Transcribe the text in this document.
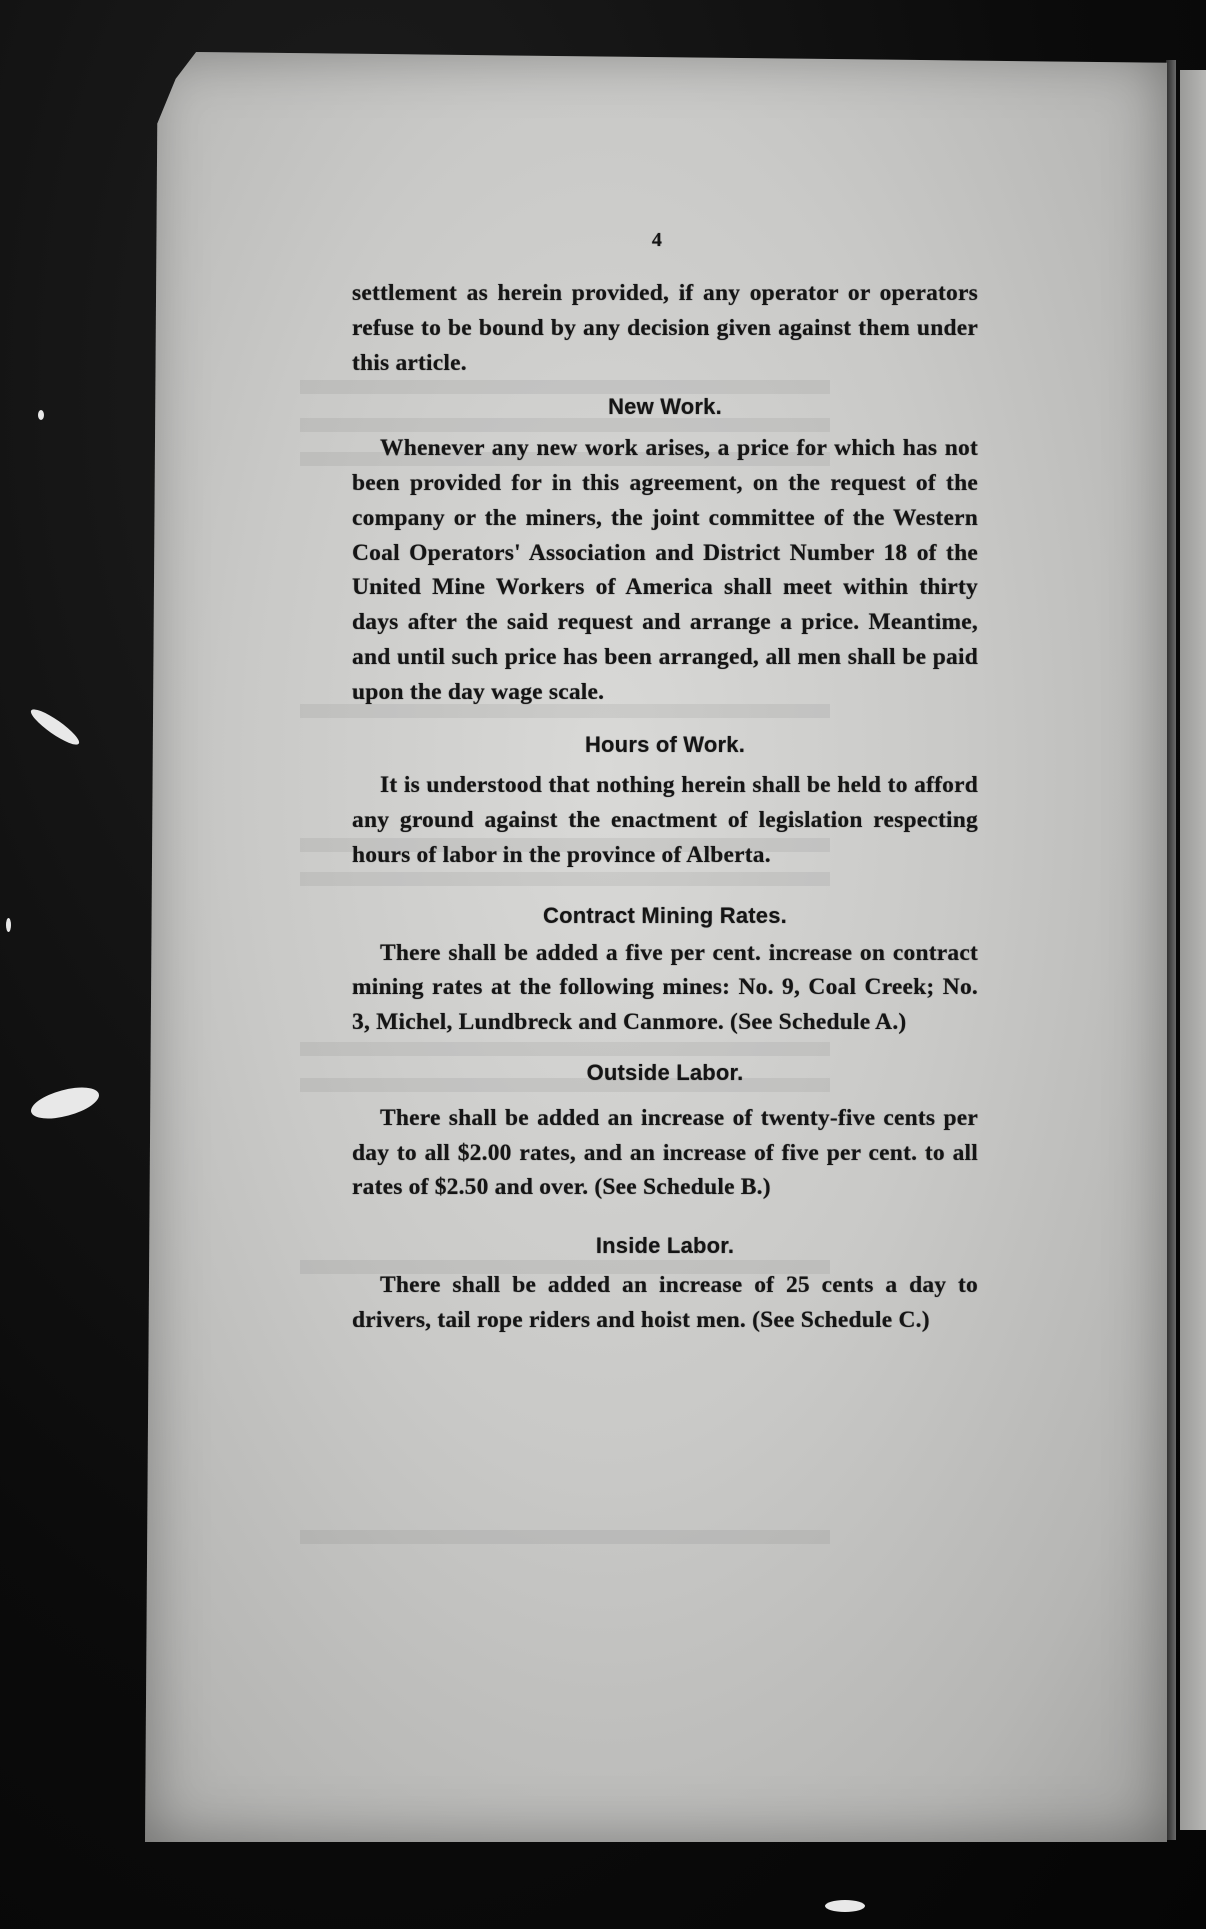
4

settlement as herein provided, if any operator or operators refuse to be bound by any decision given against them under this article.

New Work.

Whenever any new work arises, a price for which has not been provided for in this agreement, on the request of the company or the miners, the joint committee of the Western Coal Operators' Association and District Number 18 of the United Mine Workers of America shall meet within thirty days after the said request and arrange a price. Meantime, and until such price has been arranged, all men shall be paid upon the day wage scale.

Hours of Work.

It is understood that nothing herein shall be held to afford any ground against the enactment of legislation respecting hours of labor in the province of Alberta.

Contract Mining Rates.

There shall be added a five per cent. increase on contract mining rates at the following mines: No. 9, Coal Creek; No. 3, Michel, Lundbreck and Canmore. (See Schedule A.)

Outside Labor.

There shall be added an increase of twenty-five cents per day to all $2.00 rates, and an increase of five per cent. to all rates of $2.50 and over. (See Schedule B.)

Inside Labor.

There shall be added an increase of 25 cents a day to drivers, tail rope riders and hoist men. (See Schedule C.)
